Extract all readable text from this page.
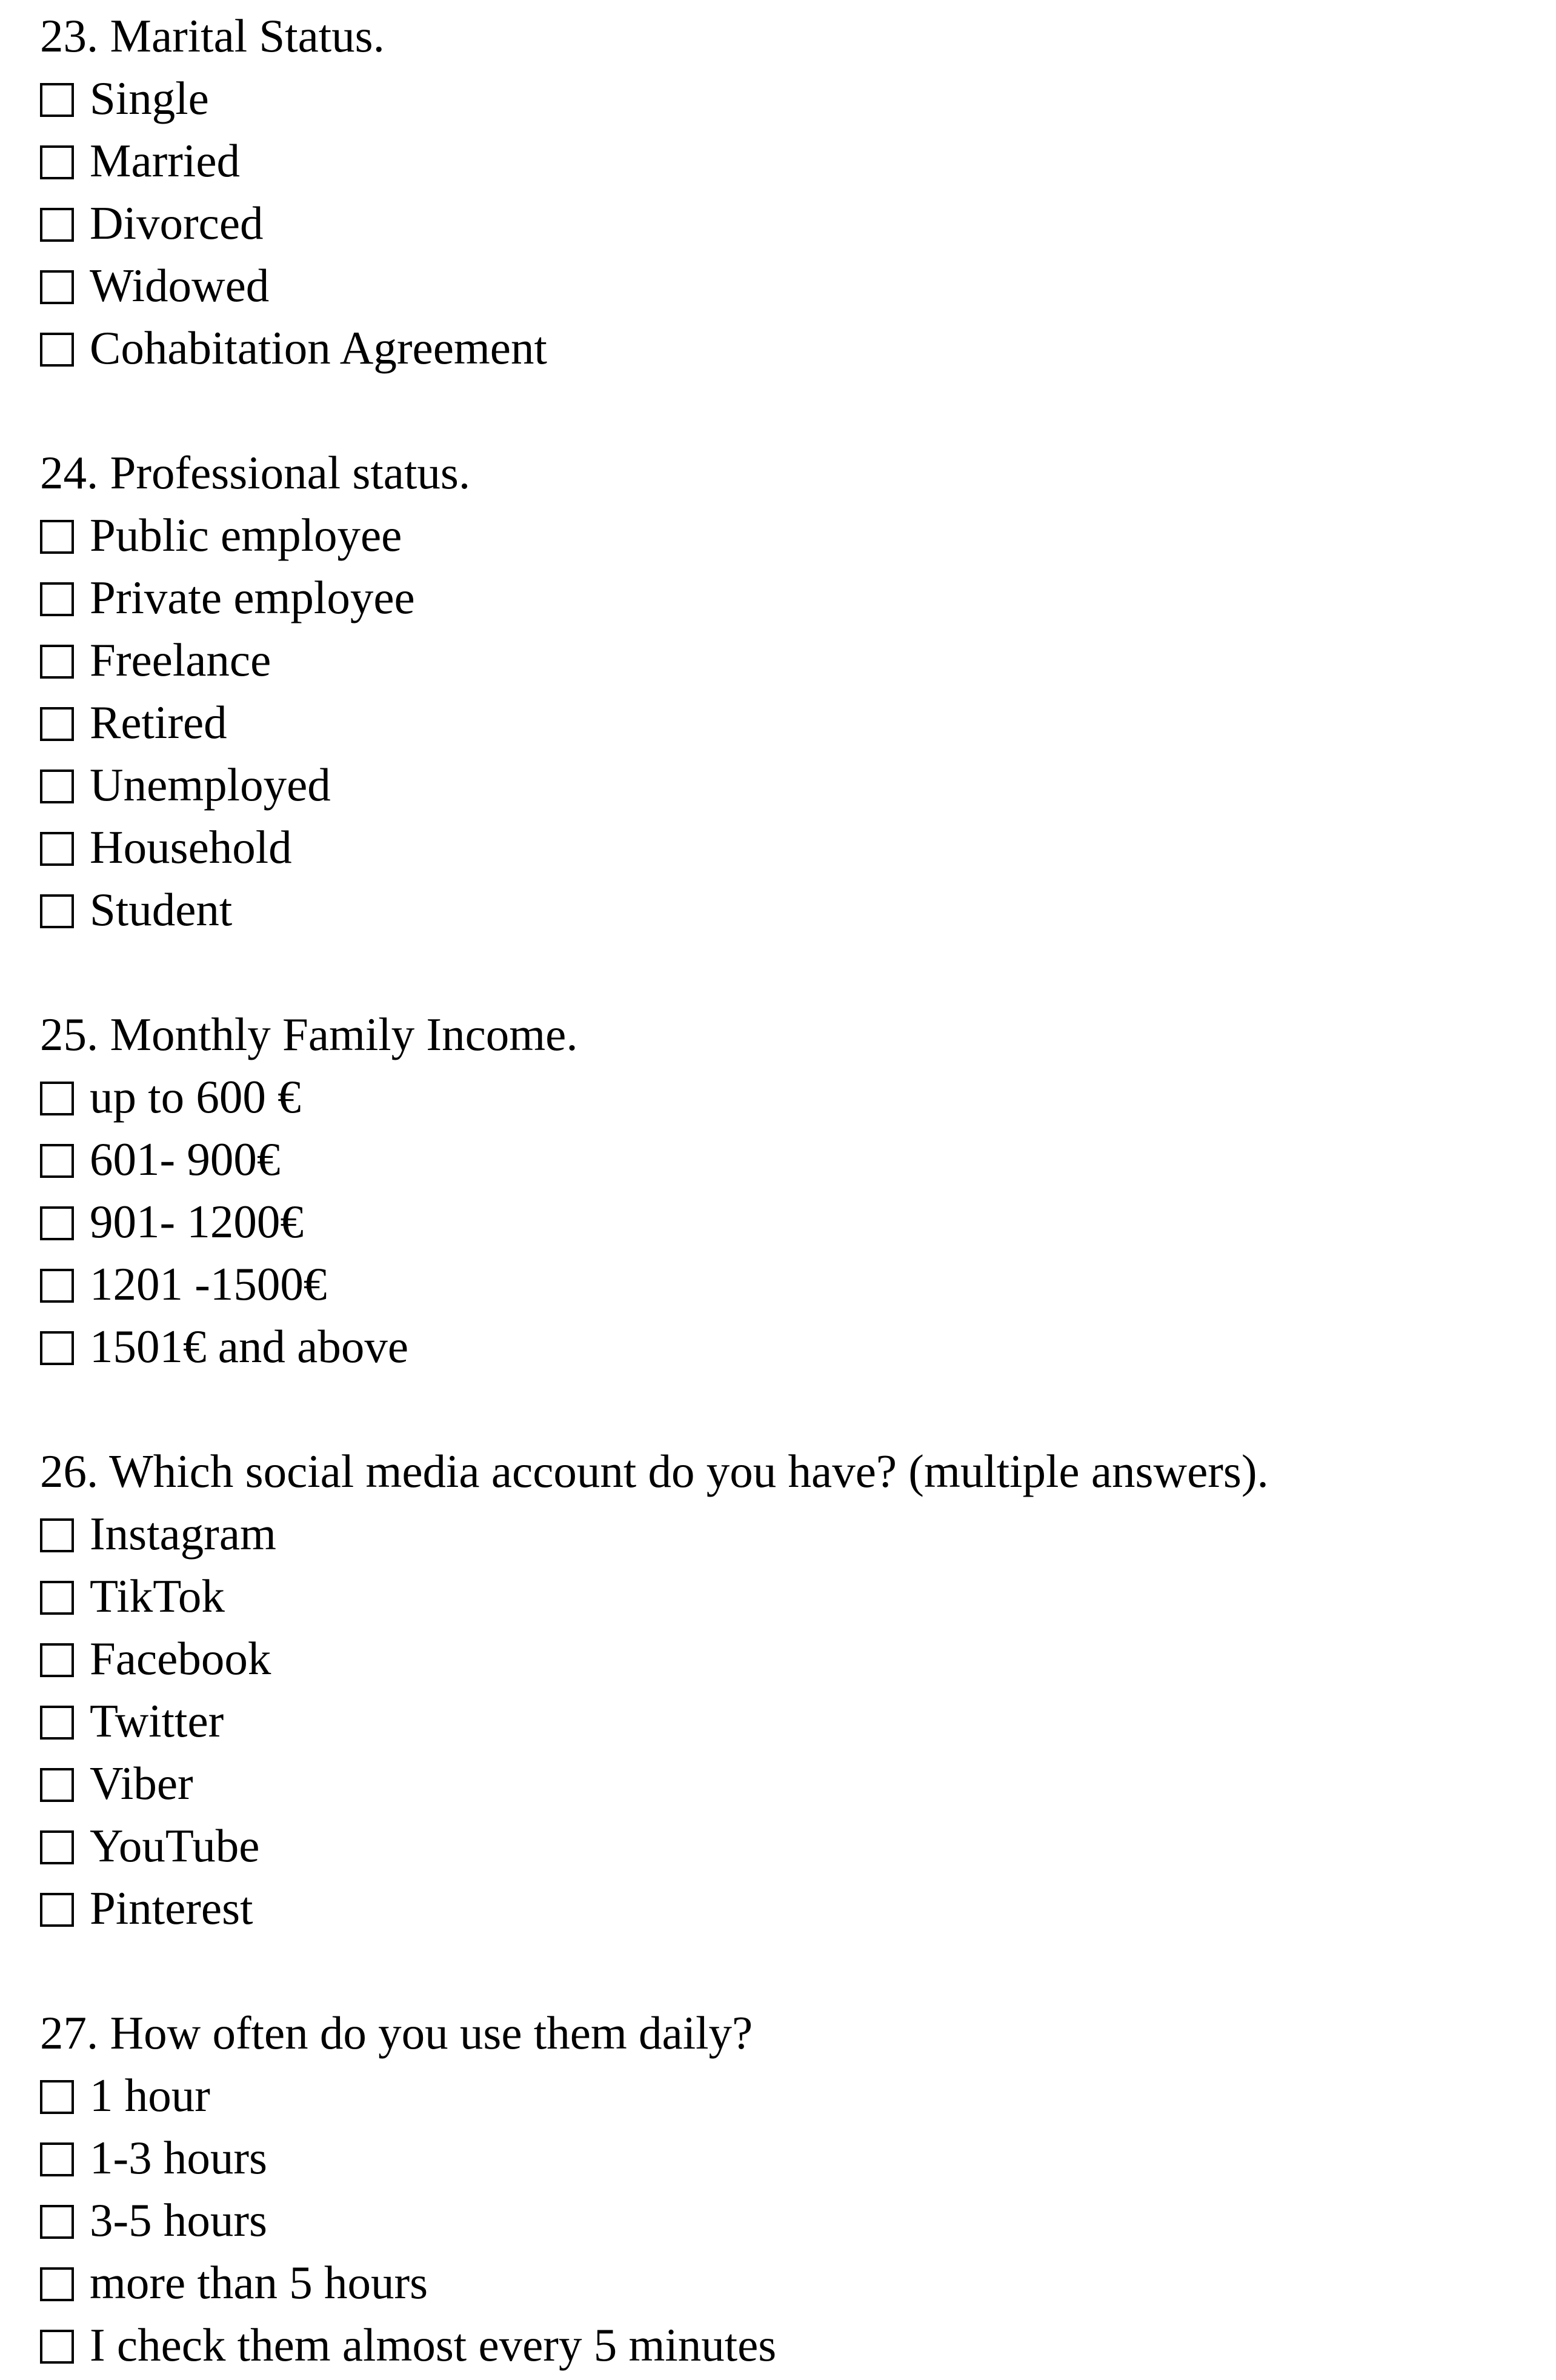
23. Marital Status.
Single
Married
Divorced
Widowed
Cohabitation Agreement
24. Professional status.
Public employee
Private employee
Freelance
Retired
Unemployed
Household
Student
25. Monthly Family Income.
up to 600 €
601- 900€
901- 1200€
1201 -1500€
1501€ and above
26. Which social media account do you have? (multiple answers).
Instagram
TikTok
Facebook
Twitter
Viber
YouTube
Pinterest
27. How often do you use them daily?
1 hour
1-3 hours
3-5 hours
more than 5 hours
I check them almost every 5 minutes
